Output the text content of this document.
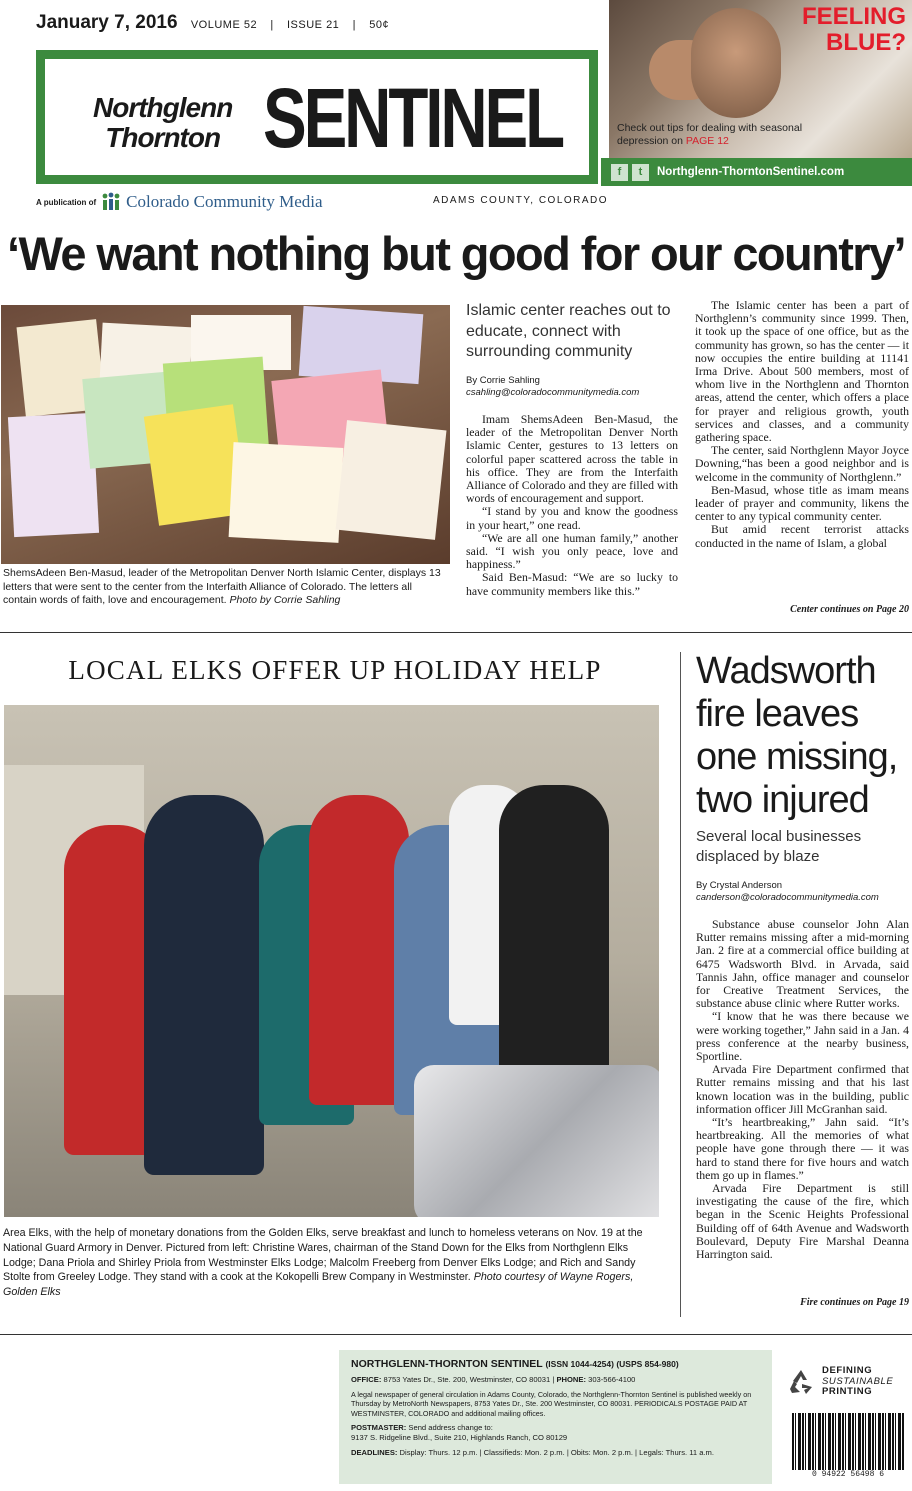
January 7, 2016 VOLUME 52 | ISSUE 21 | 50¢
Northglenn
Thornton SENTINEL
A publication of Colorado Community Media	ADAMS COUNTY, COLORADO
FEELING
BLUE?
Check out tips for dealing with seasonal
depression on PAGE 12
f	t	Northglenn-ThorntonSentinel.com
‘We want nothing but good for our country’
ShemsAdeen Ben-Masud, leader of the Metropolitan Denver North Islamic Center, displays 13 letters that were sent to the center from the Interfaith Alliance of Colorado. The letters all contain words of faith, love and encouragement. Photo by Corrie Sahling
Islamic center reaches out to educate, connect with surrounding community
By Corrie Sahling
csahling@coloradocommunitymedia.com

Imam ShemsAdeen Ben-Masud, the leader of the Metropolitan Denver North Islamic Center, gestures to 13 letters on colorful paper scattered across the table in his office. They are from the Interfaith Alliance of Colorado and they are filled with words of encouragement and support.

“I stand by you and know the goodness in your heart,” one read.

“We are all one human family,” another said. “I wish you only peace, love and happiness.”

Said Ben-Masud: “We are so lucky to have community members like this.”

The Islamic center has been a part of Northglenn’s community since 1999. Then, it took up the space of one office, but as the community has grown, so has the center — it now occupies the entire building at 11141 Irma Drive. About 500 members, most of whom live in the Northglenn and Thornton areas, attend the center, which offers a place for prayer and religious growth, youth services and classes, and a community gathering space.

The center, said Northglenn Mayor Joyce Downing,“has been a good neighbor and is welcome in the community of Northglenn.”

Ben-Masud, whose title as imam means leader of prayer and community, likens the center to any typical community center.

But amid recent terrorist attacks conducted in the name of Islam, a global

Center continues on Page 20
LOCAL ELKS OFFER UP HOLIDAY HELP
Area Elks, with the help of monetary donations from the Golden Elks, serve breakfast and lunch to homeless veterans on Nov. 19 at the National Guard Armory in Denver. Pictured from left: Christine Wares, chairman of the Stand Down for the Elks from Northglenn Elks Lodge; Dana Priola and Shirley Priola from Westminster Elks Lodge; Malcolm Freeberg from Denver Elks Lodge; and Rich and Sandy Stolte from Greeley Lodge. They stand with a cook at the Kokopelli Brew Company in Westminster. Photo courtesy of Wayne Rogers, Golden Elks
Wadsworth fire leaves one missing, two injured
Several local businesses displaced by blaze
By Crystal Anderson
canderson@coloradocommunitymedia.com

Substance abuse counselor John Alan Rutter remains missing after a mid-morning Jan. 2 fire at a commercial office building at 6475 Wadsworth Blvd. in Arvada, said Tannis Jahn, office manager and counselor for Creative Treatment Services, the substance abuse clinic where Rutter works.

“I know that he was there because we were working together,” Jahn said in a Jan. 4 press conference at the nearby business, Sportline.

Arvada Fire Department confirmed that Rutter remains missing and that his last known location was in the building, public information officer Jill McGranhan said.

“It’s heartbreaking,” Jahn said. “It’s heartbreaking. All the memories of what people have gone through there — it was hard to stand there for five hours and watch them go up in flames.”

Arvada Fire Department is still investigating the cause of the fire, which began in the Scenic Heights Professional Building off of 64th Avenue and Wadsworth Boulevard, Deputy Fire Marshal Deanna Harrington said.

Fire continues on Page 19
NORTHGLENN-THORNTON SENTINEL (ISSN 1044-4254) (USPS 854-980)
OFFICE: 8753 Yates Dr., Ste. 200, Westminster, CO 80031 | PHONE: 303-566-4100
A legal newspaper of general circulation in Adams County, Colorado, the Northglenn-Thornton Sentinel is published weekly on Thursday by MetroNorth Newspapers, 8753 Yates Dr., Ste. 200 Westminster, CO 80031. PERIODICALS POSTAGE PAID AT WESTMINSTER, COLORADO and additional mailing offices.
POSTMASTER: Send address change to:
9137 S. Ridgeline Blvd., Suite 210, Highlands Ranch, CO 80129
DEADLINES: Display: Thurs. 12 p.m. | Classifieds: Mon. 2 p.m. | Obits: Mon. 2 p.m. | Legals: Thurs. 11 a.m.
DEFINING
SUSTAINABLE
PRINTING
0 94922 56498 6
